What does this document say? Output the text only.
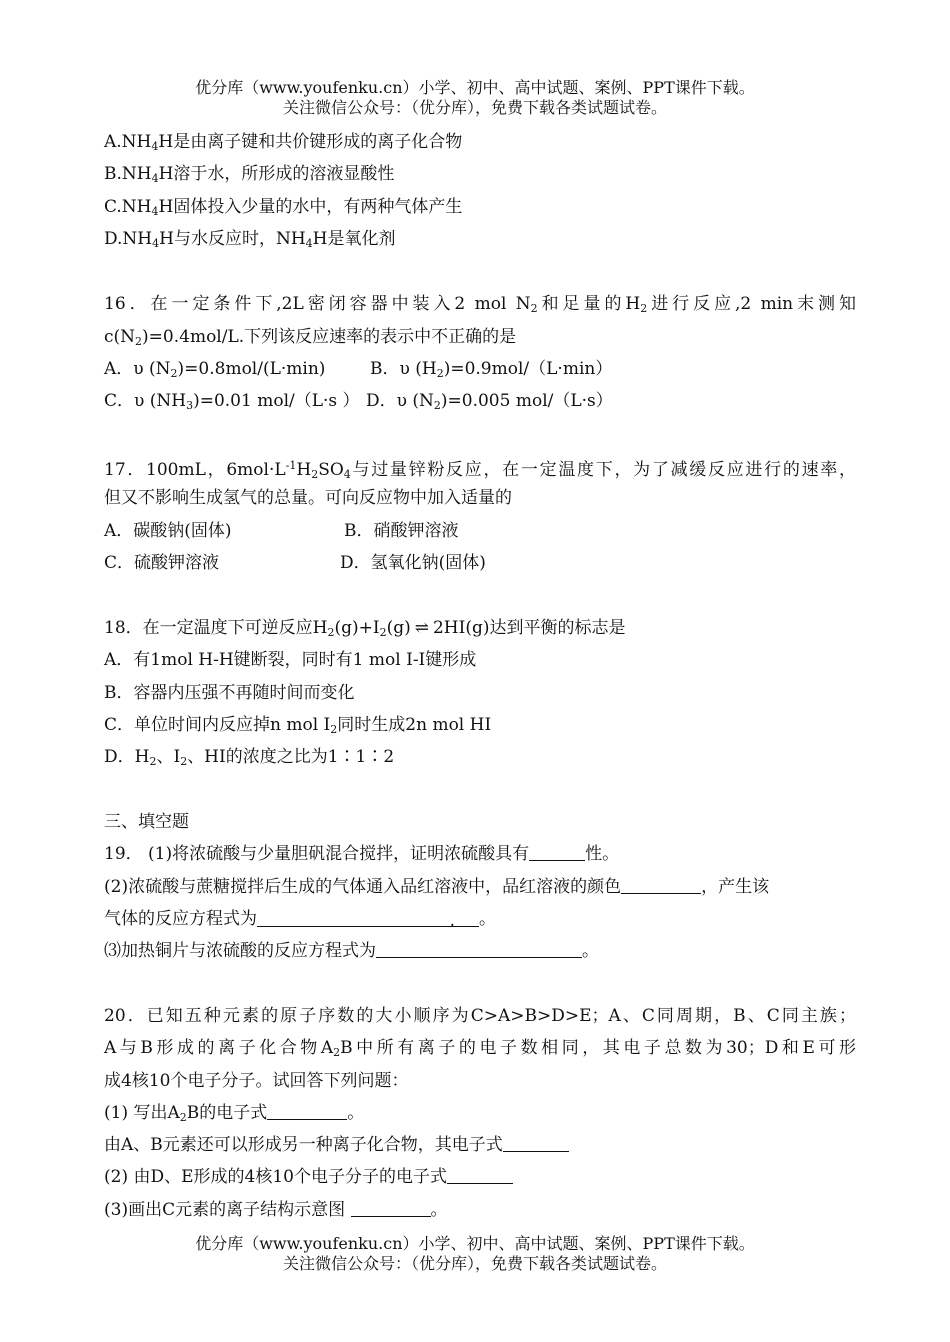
优分库（www.youfenku.cn）小学、初中、高中试题、案例、PPT课件下载。
关注微信公众号：（优分库），免费下载各类试题试卷。
$A.NH_4H$是由离子键和共价键形成的离子化合物
$B.NH_4H$溶于水，所形成的溶液显酸性
$C.NH_4H$固体投入少量的水中，有两种气体产生
$D.NH_4H$与水反应时，$NH_4H$是氧化剂
16．在一定条件下,2L密闭容器中装入2 mol $N_2$和足量的$H_2$进行反应,2 min末测知
$c(N_2)=0.4mol/L$.下列该反应速率的表示中不正确的是
A．υ $(N_2)=0.8mol/(L\cdot\min)$	B．υ $(H_2)=0.9mol/(L\cdot\min)$
C．υ $(NH_3)=0.01$ mol/（L·s ） D．υ $(N_2)=0.005$ mol/（L·s）
17．100mL，$6mol\cdot L^{-1}H_2SO_4$与过量锌粉反应，在一定温度下，为了减缓反应进行的速率，
但又不影响生成氢气的总量。可向反应物中加入适量的
A．碳酸钠(固体)	B．硝酸钾溶液
C．硫酸钾溶液	D．氢氧化钠(固体)
18．在一定温度下可逆反应$H_2(g)+I_2(g)$ ⇌ 2HI(g)达到平衡的标志是
A．有1mol H-H键断裂，同时有1 mol I-I键形成
B．容器内压强不再随时间而变化
C．单位时间内反应掉n mol $I_2$同时生成2n mol HI
D．$H_2$、$I_2$、HI的浓度之比为1∶1∶2
三、填空题
19． (1)将浓硫酸与少量胆矾混合搅拌，证明浓硫酸具有	性。
(2)浓硫酸与蔗糖搅拌后生成的气体通入品红溶液中，品红溶液的颜色	，产生该
气体的反应方程式为	. 。
⑶加热铜片与浓硫酸的反应方程式为	。
20．已知五种元素的原子序数的大小顺序为C>A>B>D>E；A、C同周期，B、C同主族；
A与B形成的离子化合物$A_2B$中所有离子的电子数相同，其电子总数为30；D和E可形
成4核10个电子分子。试回答下列问题：
(1) 写出$A_2B$的电子式	。
由A、B元素还可以形成另一种离子化合物，其电子式
(2) 由D、E形成的4核10个电子分子的电子式
(3)画出C元素的离子结构示意图	。
优分库（www.youfenku.cn）小学、初中、高中试题、案例、PPT课件下载。
关注微信公众号：（优分库），免费下载各类试题试卷。
